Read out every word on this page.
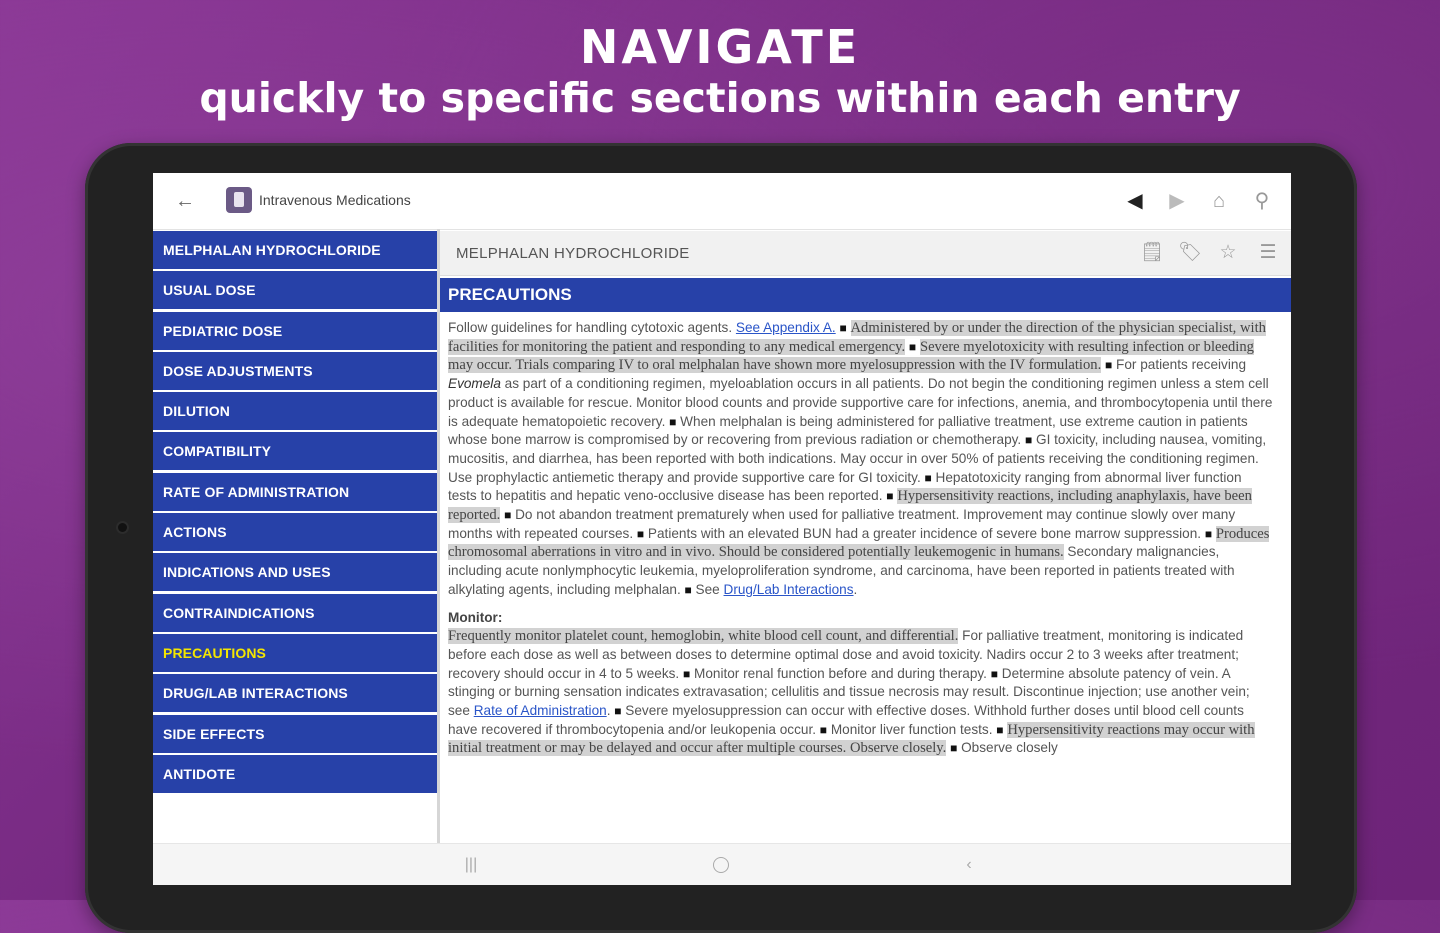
NAVIGATE
quickly to specific sections within each entry
←	Intravenous Medications	◀ ▶ ⌂ ⚲
MELPHALAN HYDROCHLORIDE
USUAL DOSE
PEDIATRIC DOSE
DOSE ADJUSTMENTS
DILUTION
COMPATIBILITY
RATE OF ADMINISTRATION
ACTIONS
INDICATIONS AND USES
CONTRAINDICATIONS
PRECAUTIONS
DRUG/LAB INTERACTIONS
SIDE EFFECTS
ANTIDOTE
MELPHALAN HYDROCHLORIDE	🗒 🏷 ☆ ☰
PRECAUTIONS
Follow guidelines for handling cytotoxic agents. See Appendix A. ■ Administered by or under the direction of the physician specialist, with facilities for monitoring the patient and responding to any medical emergency. ■ Severe myelotoxicity with resulting infection or bleeding may occur. Trials comparing IV to oral melphalan have shown more myelosuppression with the IV formulation. ■ For patients receiving Evomela as part of a conditioning regimen, myeloablation occurs in all patients. Do not begin the conditioning regimen unless a stem cell product is available for rescue. Monitor blood counts and provide supportive care for infections, anemia, and thrombocytopenia until there is adequate hematopoietic recovery. ■ When melphalan is being administered for palliative treatment, use extreme caution in patients whose bone marrow is compromised by or recovering from previous radiation or chemotherapy. ■ GI toxicity, including nausea, vomiting, mucositis, and diarrhea, has been reported with both indications. May occur in over 50% of patients receiving the conditioning regimen. Use prophylactic antiemetic therapy and provide supportive care for GI toxicity. ■ Hepatotoxicity ranging from abnormal liver function tests to hepatitis and hepatic veno-occlusive disease has been reported. ■ Hypersensitivity reactions, including anaphylaxis, have been reported. ■ Do not abandon treatment prematurely when used for palliative treatment. Improvement may continue slowly over many months with repeated courses. ■ Patients with an elevated BUN had a greater incidence of severe bone marrow suppression. ■ Produces chromosomal aberrations in vitro and in vivo. Should be considered potentially leukemogenic in humans. Secondary malignancies, including acute nonlymphocytic leukemia, myeloproliferation syndrome, and carcinoma, have been reported in patients treated with alkylating agents, including melphalan. ■ See Drug/Lab Interactions.
Monitor:
Frequently monitor platelet count, hemoglobin, white blood cell count, and differential. For palliative treatment, monitoring is indicated before each dose as well as between doses to determine optimal dose and avoid toxicity. Nadirs occur 2 to 3 weeks after treatment; recovery should occur in 4 to 5 weeks. ■ Monitor renal function before and during therapy. ■ Determine absolute patency of vein. A stinging or burning sensation indicates extravasation; cellulitis and tissue necrosis may result. Discontinue injection; use another vein; see Rate of Administration. ■ Severe myelosuppression can occur with effective doses. Withhold further doses until blood cell counts have recovered if thrombocytopenia and/or leukopenia occur. ■ Monitor liver function tests. ■ Hypersensitivity reactions may occur with initial treatment or may be delayed and occur after multiple courses. Observe closely. ■ Observe closely
|||	‹
